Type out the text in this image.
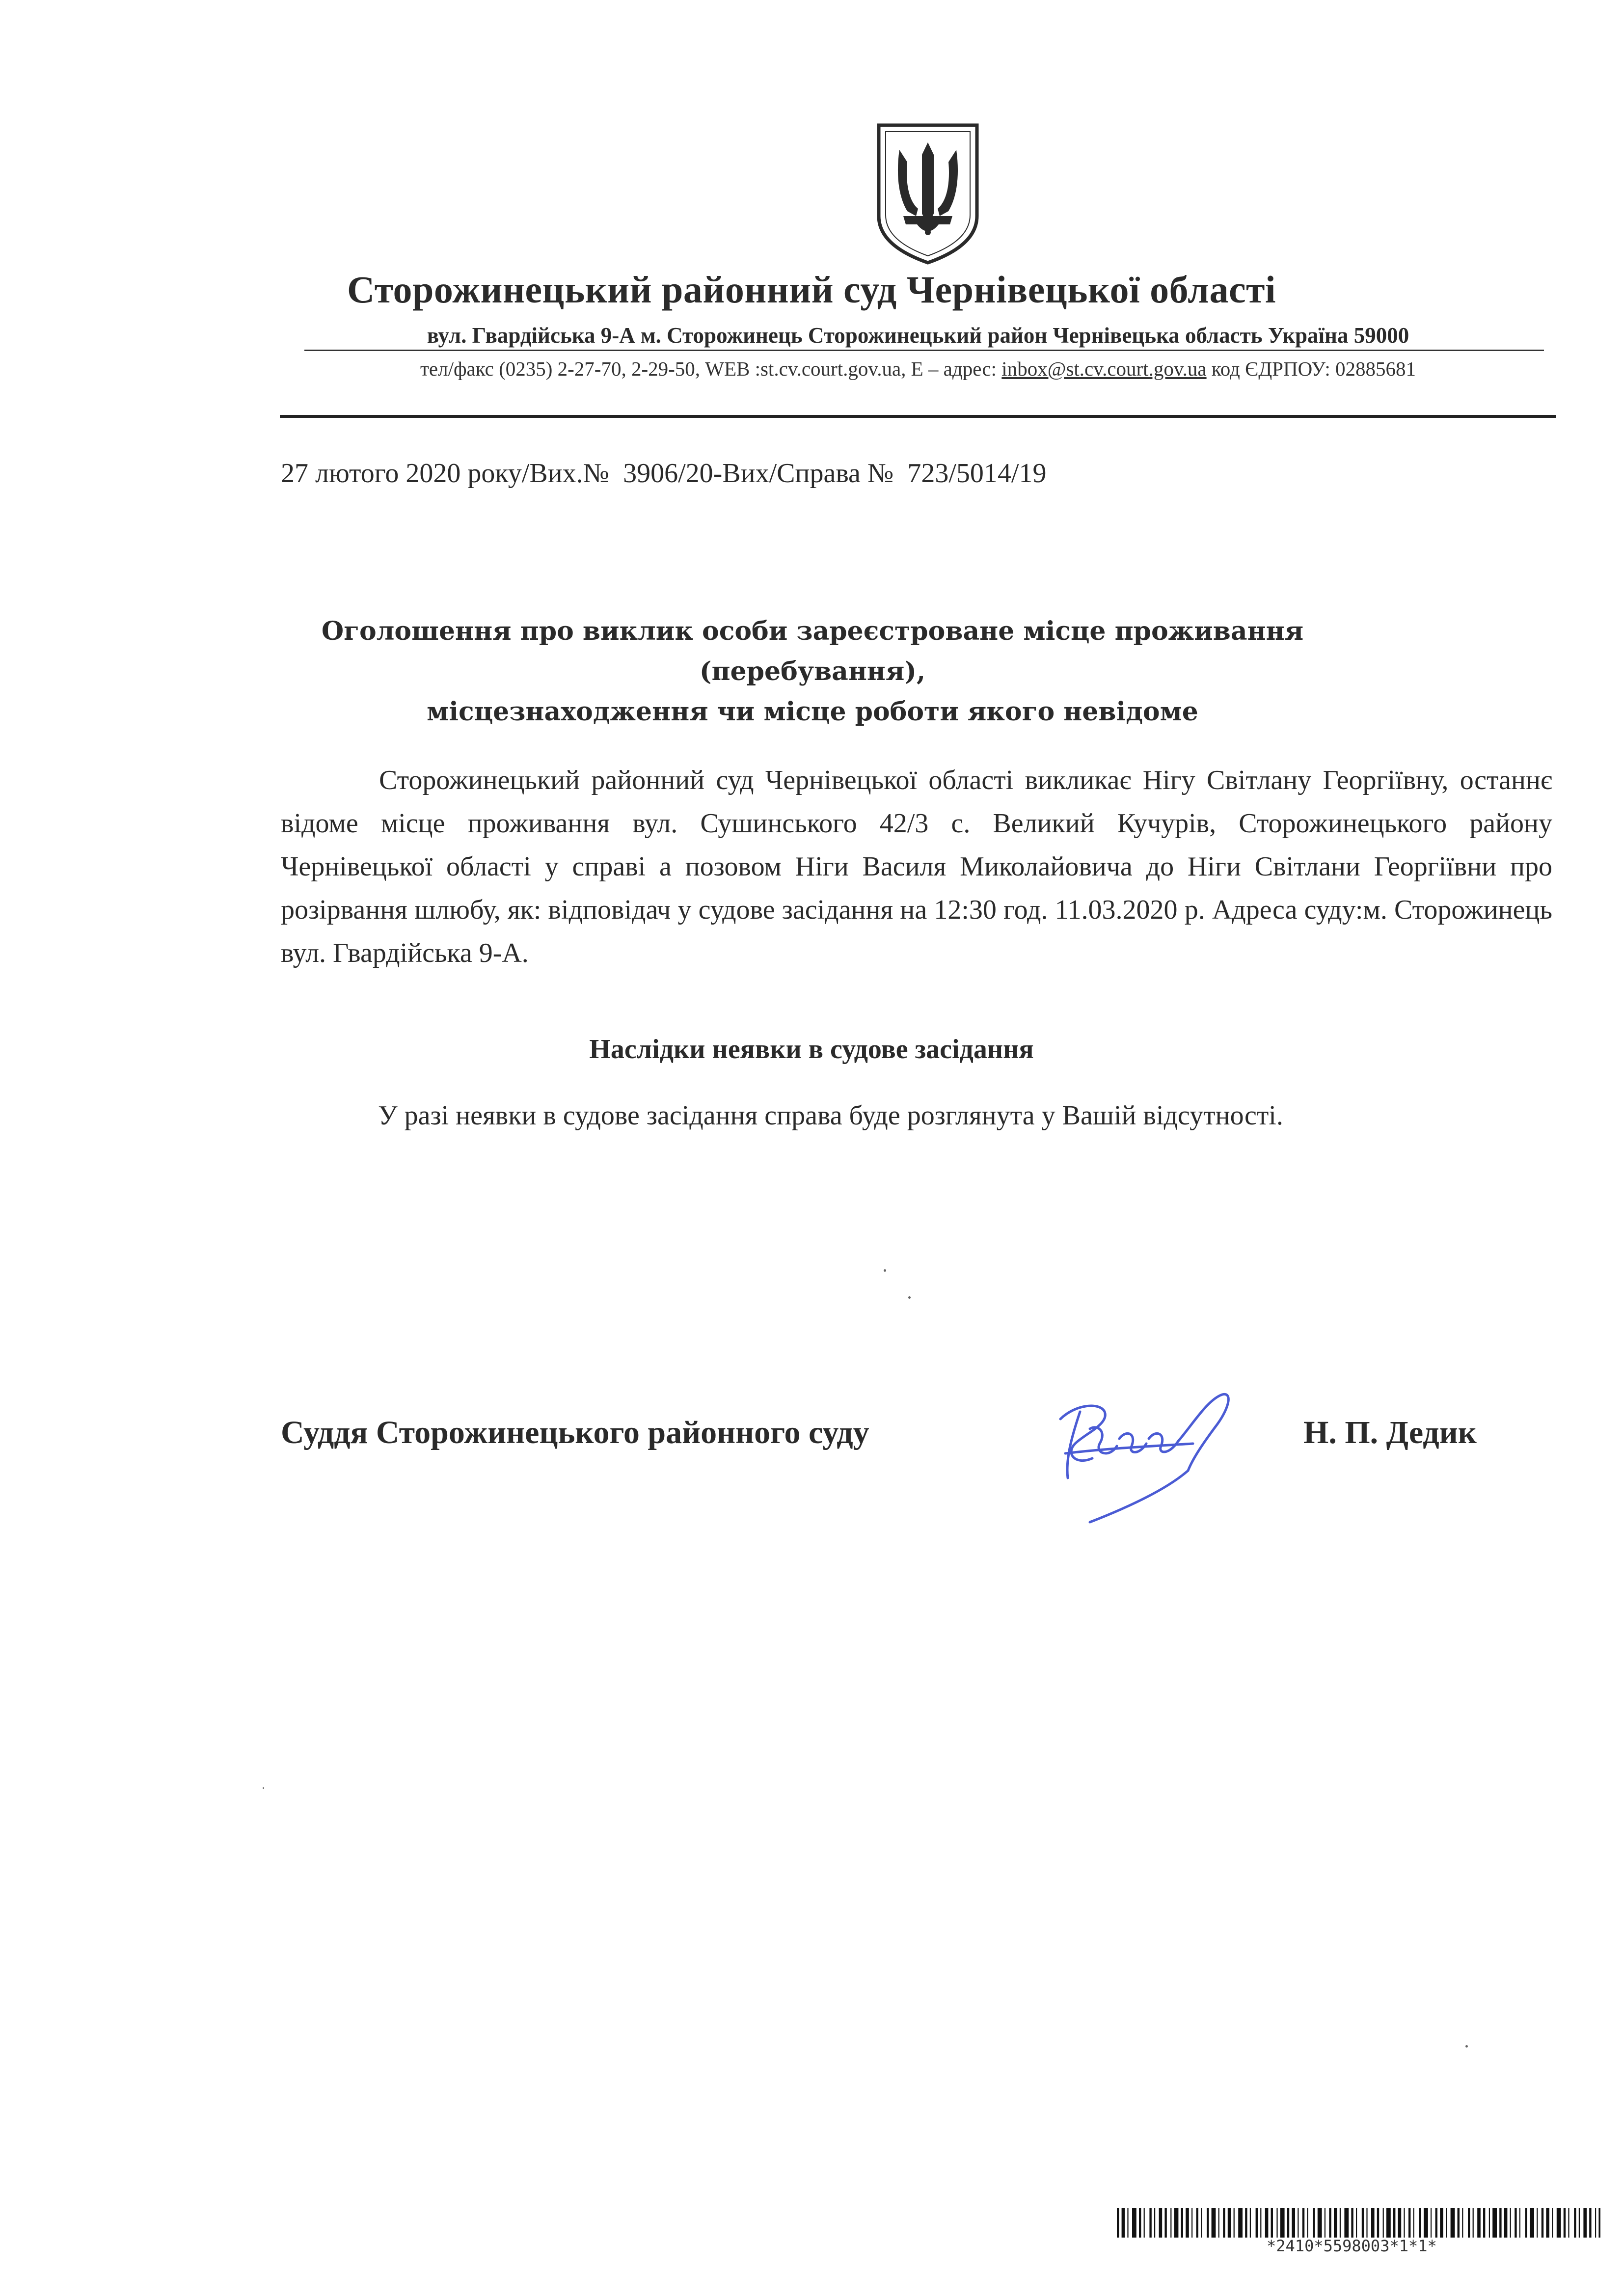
Сторожинецький районний суд Чернівецької області
вул. Гвардійська 9-А м. Сторожинець Сторожинецький район Чернівецька область Україна 59000
тел/факс (0235) 2-27-70, 2-29-50, WEB :st.cv.court.gov.ua, Е – адрес: inbox@st.cv.court.gov.ua код ЄДРПОУ: 02885681
27 лютого 2020 року/Вих.№  3906/20-Вих/Справа №  723/5014/19
Оголошення про виклик особи зареєстроване місце проживання (перебування),
місцезнаходження чи місце роботи якого невідоме
Сторожинецький районний суд Чернівецької області викликає Нігу Світлану Георгіївну, останнє відоме місце проживання вул. Сушинського 42/3 с. Великий Кучурів, Сторожинецького району Чернівецької області у справі а позовом Ніги Василя Миколайовича до Ніги Світлани Георгіївни про розірвання шлюбу, як: відповідач у судове засідання на 12:30 год. 11.03.2020 р. Адреса суду:м. Сторожинець вул. Гвардійська 9-А.
Наслідки неявки в судове засідання
У разі неявки в судове засідання справа буде розглянута у Вашій відсутності.
Суддя Сторожинецького районного суду	Н. П. Дедик
*2410*5598003*1*1*
